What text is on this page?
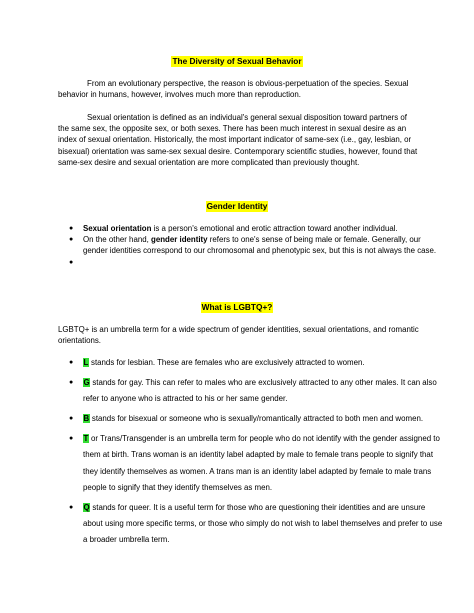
The Diversity of Sexual Behavior
From an evolutionary perspective, the reason is obvious-perpetuation of the species. Sexual behavior in humans, however, involves much more than reproduction.
Sexual orientation is defined as an individual's general sexual disposition toward partners of the same sex, the opposite sex, or both sexes. There has been much interest in sexual desire as an index of sexual orientation. Historically, the most important indicator of same-sex (i.e., gay, lesbian, or bisexual) orientation was same-sex sexual desire. Contemporary scientific studies, however, found that same-sex desire and sexual orientation are more complicated than previously thought.
Gender Identity
● Sexual orientation is a person's emotional and erotic attraction toward another individual.
● On the other hand, gender identity refers to one's sense of being male or female. Generally, our gender identities correspond to our chromosomal and phenotypic sex, but this is not always the case.
●
What is LGBTQ+?
LGBTQ+ is an umbrella term for a wide spectrum of gender identities, sexual orientations, and romantic orientations.
● L stands for lesbian. These are females who are exclusively attracted to women.
● G stands for gay. This can refer to males who are exclusively attracted to any other males. It can also refer to anyone who is attracted to his or her same gender.
● B stands for bisexual or someone who is sexually/romantically attracted to both men and women.
● T or Trans/Transgender is an umbrella term for people who do not identify with the gender assigned to them at birth. Trans woman is an identity label adapted by male to female trans people to signify that they identify themselves as women. A trans man is an identity label adapted by female to male trans people to signify that they identify themselves as men.
● Q stands for queer. It is a useful term for those who are questioning their identities and are unsure about using more specific terms, or those who simply do not wish to label themselves and prefer to use a broader umbrella term.
